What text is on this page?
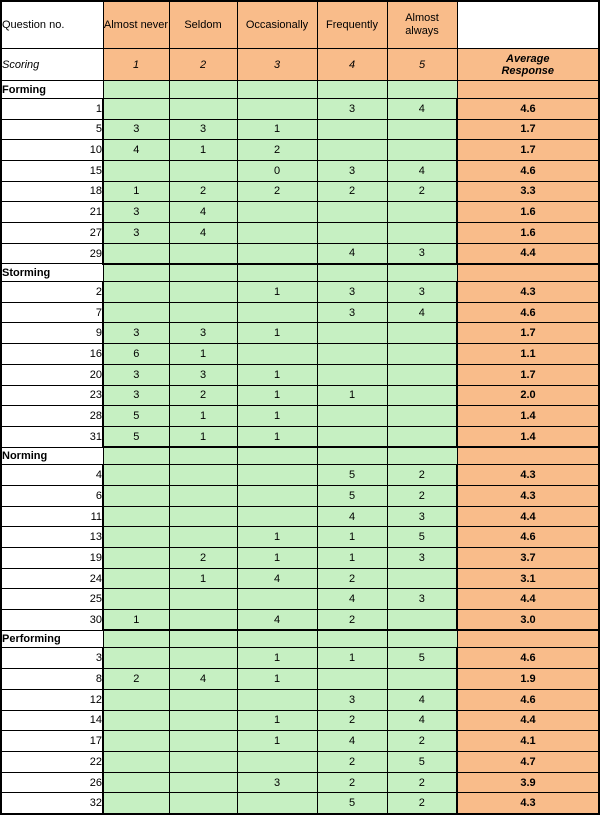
Question no.	Almost never	Seldom	Occasionally	Frequently	Almost always	
Scoring	1	2	3	4	5	Average
Response
Forming						
1				3	4	4.6
5	3	3	1			1.7
10	4	1	2			1.7
15			0	3	4	4.6
18	1	2	2	2	2	3.3
21	3	4				1.6
27	3	4				1.6
29				4	3	4.4
Storming						
2			1	3	3	4.3
7				3	4	4.6
9	3	3	1			1.7
16	6	1				1.1
20	3	3	1			1.7
23	3	2	1	1		2.0
28	5	1	1			1.4
31	5	1	1			1.4
Norming						
4				5	2	4.3
6				5	2	4.3
11				4	3	4.4
13			1	1	5	4.6
19		2	1	1	3	3.7
24		1	4	2		3.1
25				4	3	4.4
30	1		4	2		3.0
Performing						
3			1	1	5	4.6
8	2	4	1			1.9
12				3	4	4.6
14			1	2	4	4.4
17			1	4	2	4.1
22				2	5	4.7
26			3	2	2	3.9
32				5	2	4.3
